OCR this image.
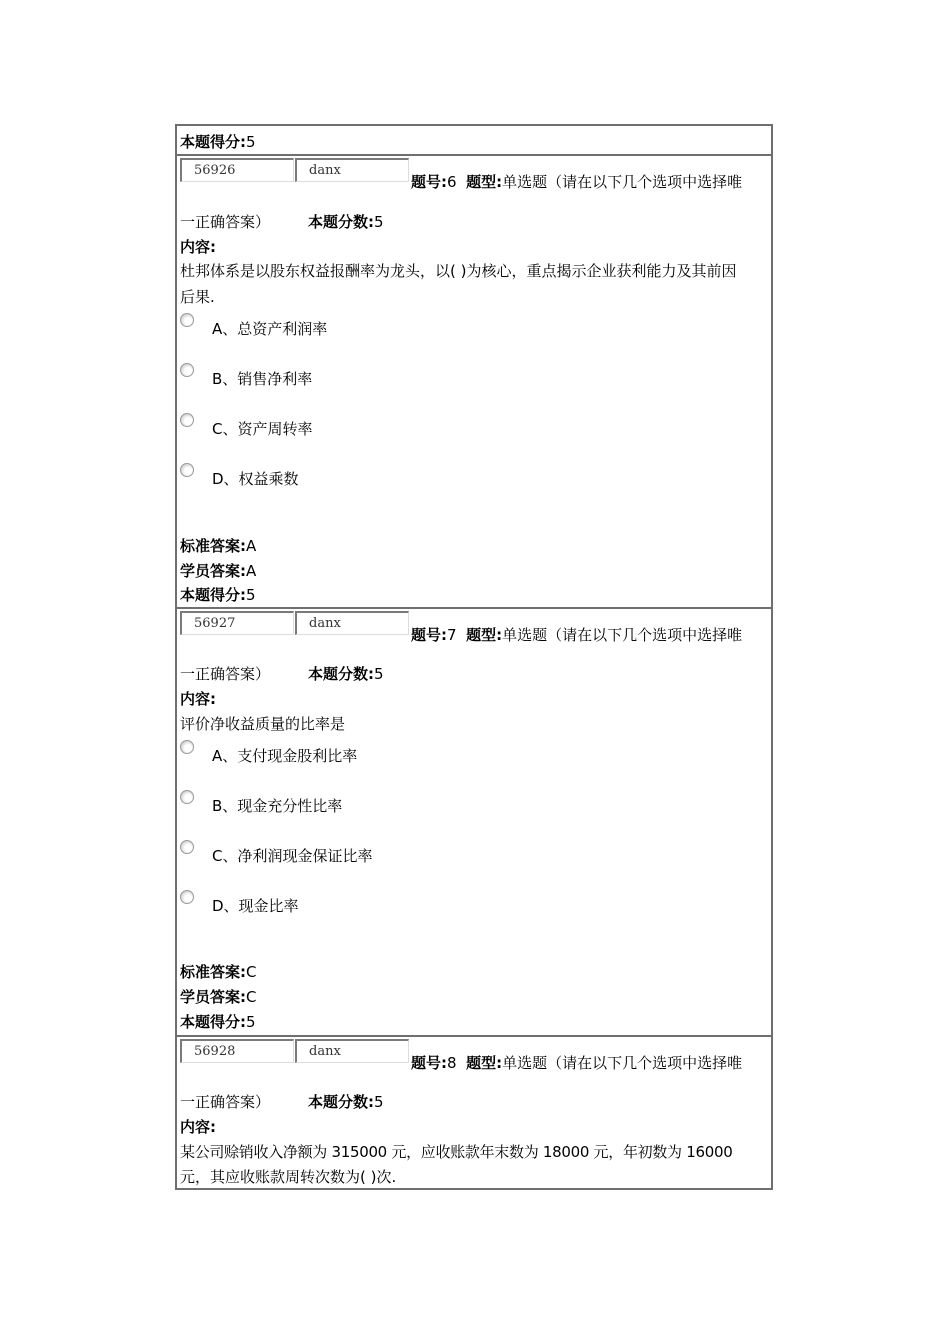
本题得分:5
56926	danx
题号:6 题型:单选题（请在以下几个选项中选择唯
一正确答案）	本题分数:5
内容:
杜邦体系是以股东权益报酬率为龙头，以( )为核心，重点揭示企业获利能力及其前因
后果.
A、总资产利润率
B、销售净利率
C、资产周转率
D、权益乘数
标准答案:A
学员答案:A
本题得分:5
56927	danx
题号:7 题型:单选题（请在以下几个选项中选择唯
一正确答案）	本题分数:5
内容:
评价净收益质量的比率是
A、支付现金股利比率
B、现金充分性比率
C、净利润现金保证比率
D、现金比率
标准答案:C
学员答案:C
本题得分:5
56928	danx
题号:8 题型:单选题（请在以下几个选项中选择唯
一正确答案）	本题分数:5
内容:
某公司赊销收入净额为 315000 元，应收账款年末数为 18000 元，年初数为 16000
元，其应收账款周转次数为( )次.
